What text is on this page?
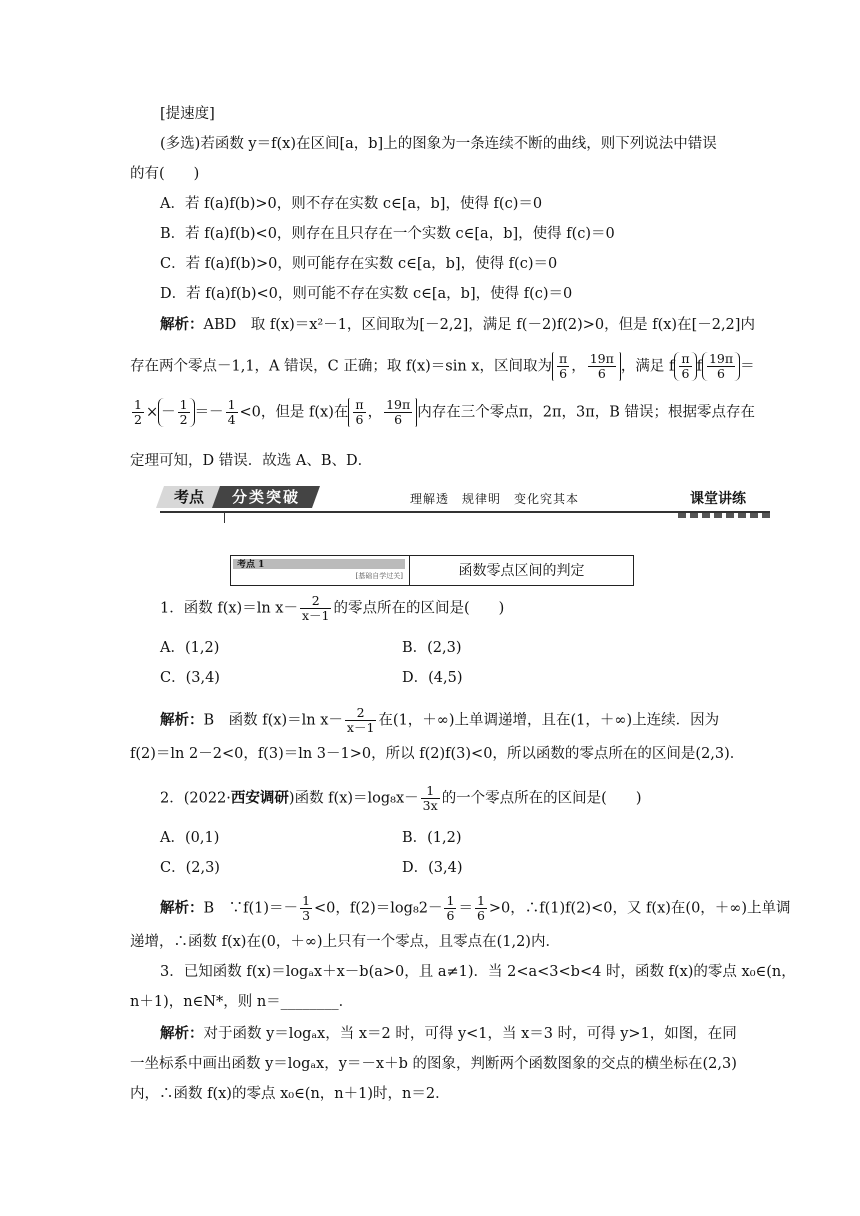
[提速度]
(多选)若函数 y＝f(x)在区间[a，b]上的图象为一条连续不断的曲线，则下列说法中错误
的有(　　)
A．若 f(a)f(b)>0，则不存在实数 c∈[a，b]，使得 f(c)＝0
B．若 f(a)f(b)<0，则存在且只存在一个实数 c∈[a，b]，使得 f(c)＝0
C．若 f(a)f(b)>0，则可能存在实数 c∈[a，b]，使得 f(c)＝0
D．若 f(a)f(b)<0，则可能不存在实数 c∈[a，b]，使得 f(c)＝0
解析：ABD　取 f(x)＝x²－1，区间取为[－2,2]，满足 f(－2)f(2)>0，但是 f(x)在[－2,2]内
存在两个零点－1,1，A 错误，C 正确；取 f(x)＝sin x，区间取为 $\frac{\pi}{6}$ ， $\frac{19\pi}{6}$ ，满足 f $\frac{\pi}{6}$ f $\frac{19\pi}{6}$ ＝
$\frac{1}{2}$ × － $\frac{1}{2} =- \frac{1}{4} <0$，但是 f(x)在 $\frac{\pi}{6}$ ， $\frac{19\pi}{6}$ 内存在三个零点π，2π，3π，B 错误；根据零点存在
定理可知，D 错误．故选 A、B、D．
考点	分类突破	理解透　规律明　变化究其本	课堂讲练
考点 1
[基础自学过关]	函数零点区间的判定
1．函数 f(x)＝ln $x- \frac{2}{x-1}$ 的零点所在的区间是(　　)
A．(1,2)	B．(2,3)
C．(3,4)	D．(4,5)
解析：B　函数 f(x)＝ln $x- \frac{2}{x-1}$ 在(1，＋∞)上单调递增，且在(1，＋∞)上连续．因为
f(2)＝ln 2－2<0，f(3)＝ln 3－1>0，所以 f(2)f(3)<0，所以函数的零点所在的区间是(2,3)．
2．(2022·西安调研)函数 $f(x)=\log_8x- \frac{1}{3x}$ 的一个零点所在的区间是(　　)
A．(0,1)	B．(1,2)
C．(2,3)	D．(3,4)
解析：B　∵f(1)＝－ $\frac{1}{3} <0$，$f(2)=\log_82- \frac{1}{6} = \frac{1}{6} >0$，∴f(1)f(2)<0，又 f(x)在(0，＋∞)上单调
递增，∴函数 f(x)在(0，＋∞)上只有一个零点，且零点在(1,2)内．
3．已知函数 f(x)＝logₐx＋x－b(a>0，且 a≠1)．当 2<a<3<b<4 时，函数 f(x)的零点 x₀∈(n，
n＋1)，n∈N*，则 n＝________．
解析：对于函数 y＝logₐx，当 x＝2 时，可得 y<1，当 x＝3 时，可得 y>1，如图，在同
一坐标系中画出函数 y＝logₐx，y＝－x＋b 的图象，判断两个函数图象的交点的横坐标在(2,3)
内，∴函数 f(x)的零点 x₀∈(n，n＋1)时，n＝2．
